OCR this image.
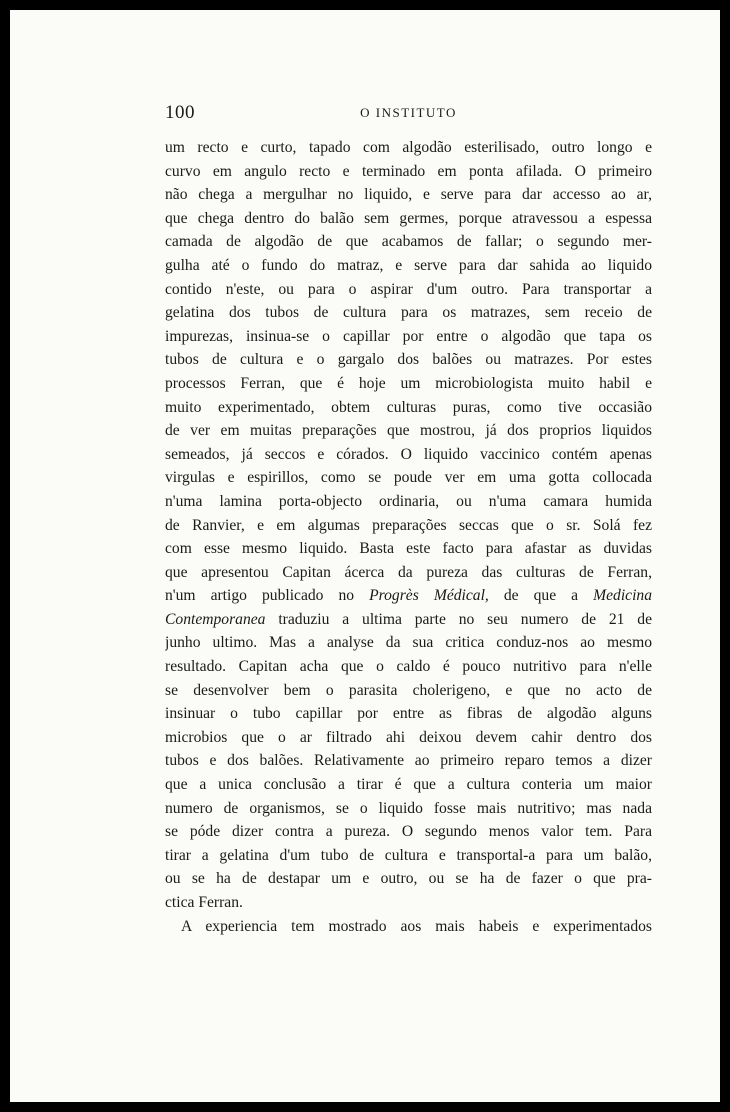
100	O INSTITUTO
um recto e curto, tapado com algodão esterilisado, outro longo e
curvo em angulo recto e terminado em ponta afilada. O primeiro
não chega a mergulhar no liquido, e serve para dar accesso ao ar,
que chega dentro do balão sem germes, porque atravessou a espessa
camada de algodão de que acabamos de fallar; o segundo mer-
gulha até o fundo do matraz, e serve para dar sahida ao liquido
contido n'este, ou para o aspirar d'um outro. Para transportar a
gelatina dos tubos de cultura para os matrazes, sem receio de
impurezas, insinua-se o capillar por entre o algodão que tapa os
tubos de cultura e o gargalo dos balões ou matrazes. Por estes
processos Ferran, que é hoje um microbiologista muito habil e
muito experimentado, obtem culturas puras, como tive occasião
de ver em muitas preparações que mostrou, já dos proprios liquidos
semeados, já seccos e córados. O liquido vaccinico contém apenas
virgulas e espirillos, como se poude ver em uma gotta collocada
n'uma lamina porta-objecto ordinaria, ou n'uma camara humida
de Ranvier, e em algumas preparações seccas que o sr. Solá fez
com esse mesmo liquido. Basta este facto para afastar as duvidas
que apresentou Capitan ácerca da pureza das culturas de Ferran,
n'um artigo publicado no Progrès Médical, de que a Medicina
Contemporanea traduziu a ultima parte no seu numero de 21 de
junho ultimo. Mas a analyse da sua critica conduz-nos ao mesmo
resultado. Capitan acha que o caldo é pouco nutritivo para n'elle
se desenvolver bem o parasita cholerigeno, e que no acto de
insinuar o tubo capillar por entre as fibras de algodão alguns
microbios que o ar filtrado ahi deixou devem cahir dentro dos
tubos e dos balões. Relativamente ao primeiro reparo temos a dizer
que a unica conclusão a tirar é que a cultura conteria um maior
numero de organismos, se o liquido fosse mais nutritivo; mas nada
se póde dizer contra a pureza. O segundo menos valor tem. Para
tirar a gelatina d'um tubo de cultura e transportal-a para um balão,
ou se ha de destapar um e outro, ou se ha de fazer o que pra-
ctica Ferran.
A experiencia tem mostrado aos mais habeis e experimentados
